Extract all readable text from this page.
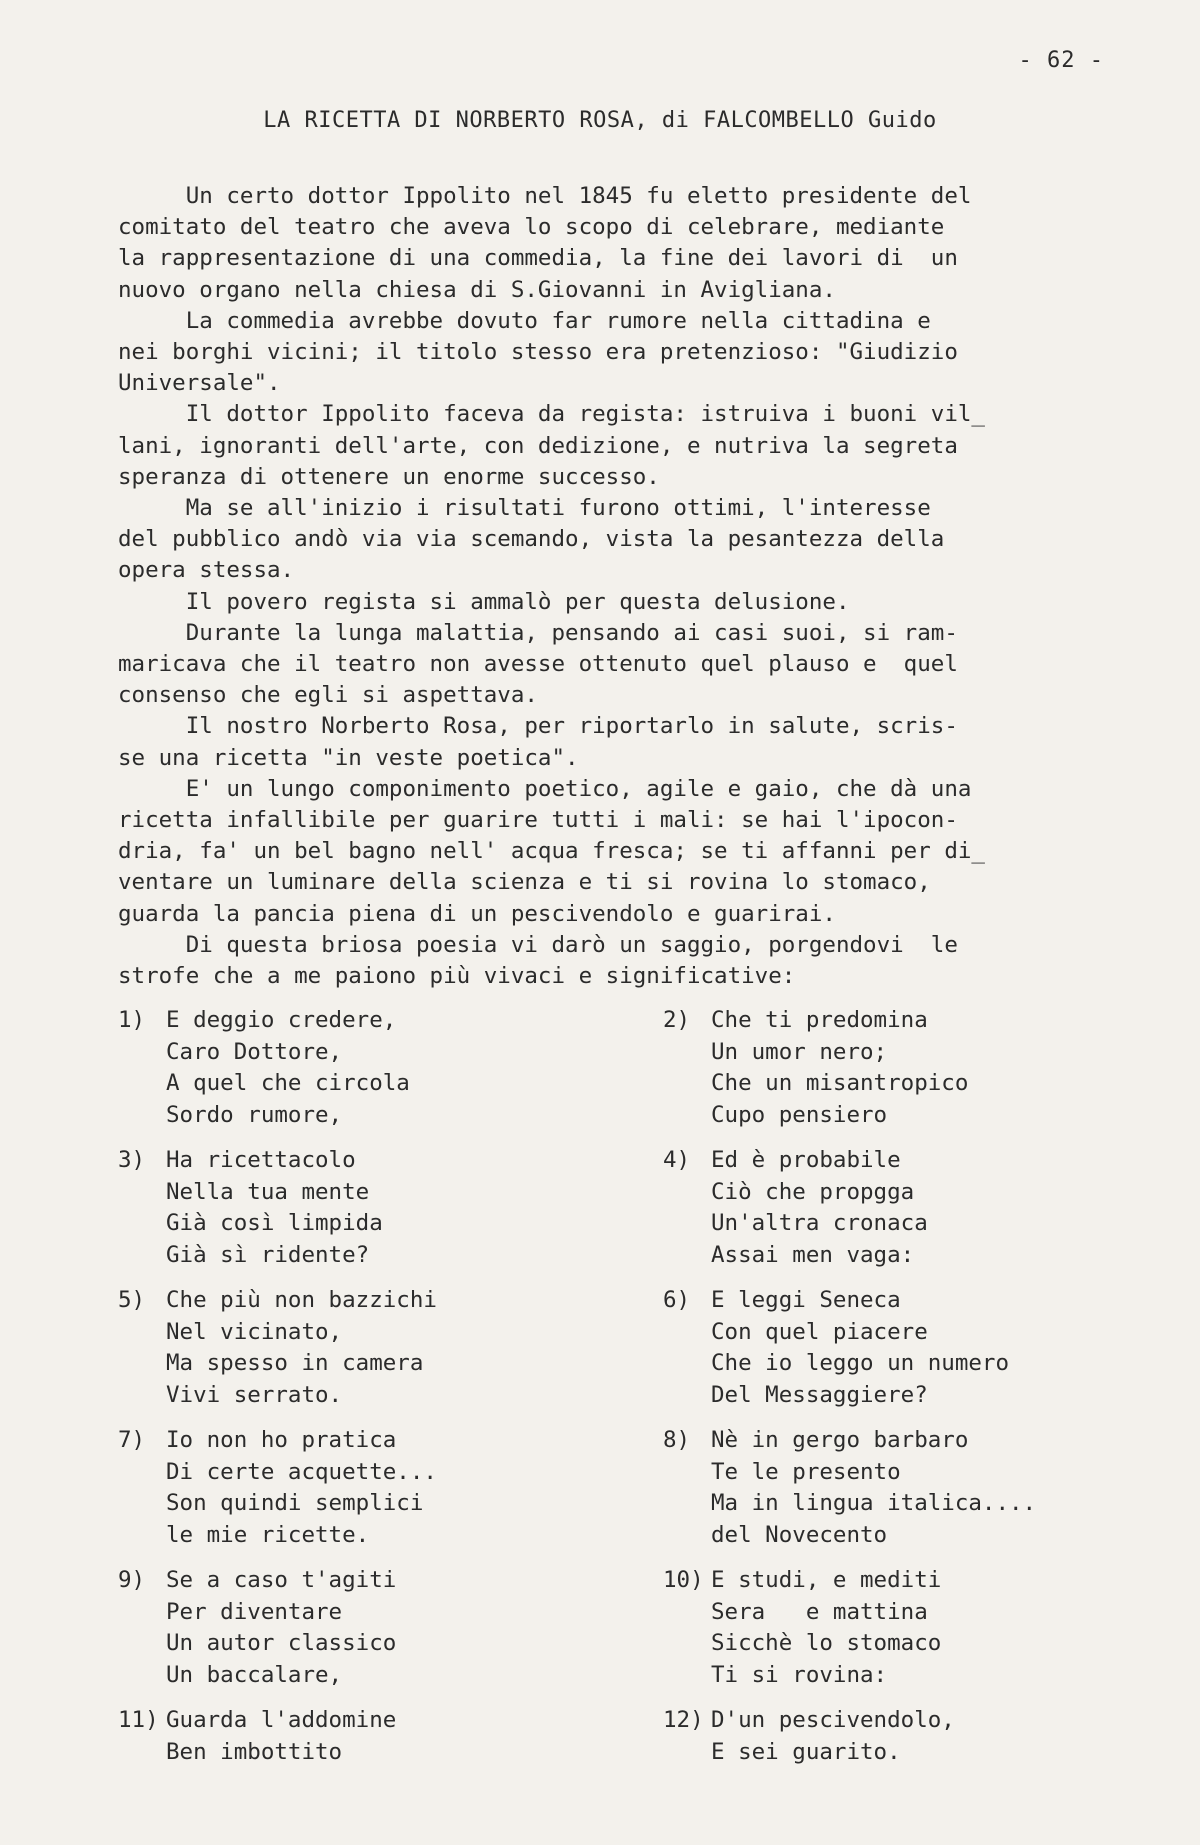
- 62 -
LA RICETTA DI NORBERTO ROSA, di FALCOMBELLO Guido

Un certo dottor Ippolito nel 1845 fu eletto presidente del
comitato del teatro che aveva lo scopo di celebrare, mediante
la rappresentazione di una commedia, la fine dei lavori di  un
nuovo organo nella chiesa di S.Giovanni in Avigliana.

La commedia avrebbe dovuto far rumore nella cittadina e
nei borghi vicini; il titolo stesso era pretenzioso: "Giudizio
Universale".

Il dottor Ippolito faceva da regista: istruiva i buoni vil_
lani, ignoranti dell'arte, con dedizione, e nutriva la segreta
speranza di ottenere un enorme successo.

Ma se all'inizio i risultati furono ottimi, l'interesse
del pubblico andò via via scemando, vista la pesantezza della
opera stessa.

Il povero regista si ammalò per questa delusione.

Durante la lunga malattia, pensando ai casi suoi, si ram-
maricava che il teatro non avesse ottenuto quel plauso e  quel
consenso che egli si aspettava.

Il nostro Norberto Rosa, per riportarlo in salute, scris-
se una ricetta "in veste poetica".

E' un lungo componimento poetico, agile e gaio, che dà una
ricetta infallibile per guarire tutti i mali: se hai l'ipocon-
dria, fa' un bel bagno nell' acqua fresca; se ti affanni per di_
ventare un luminare della scienza e ti si rovina lo stomaco,
guarda la pancia piena di un pescivendolo e guarirai.

Di questa briosa poesia vi darò un saggio, porgendovi  le
strofe che a me paiono più vivaci e significative:

1) E deggio credere,
Caro Dottore,
A quel che circola
Sordo rumore,
2) Che ti predomina
Un umor nero;
Che un misantropico
Cupo pensiero
3) Ha ricettacolo
Nella tua mente
Già così limpida
Già sì ridente?
4) Ed è probabile
Ciò che propgga
Un'altra cronaca
Assai men vaga:
5) Che più non bazzichi
Nel vicinato,
Ma spesso in camera
Vivi serrato.
6) E leggi Seneca
Con quel piacere
Che io leggo un numero
Del Messaggiere?
7) Io non ho pratica
Di certe acquette...
Son quindi semplici
le mie ricette.
8) Nè in gergo barbaro
Te le presento
Ma in lingua italica....
del Novecento
9) Se a caso t'agiti
Per diventare
Un autor classico
Un baccalare,
10) E studi, e mediti
Sera   e mattina
Sicchè lo stomaco
Ti si rovina:
11) Guarda l'addomine
Ben imbottito
12) D'un pescivendolo,
E sei guarito.
